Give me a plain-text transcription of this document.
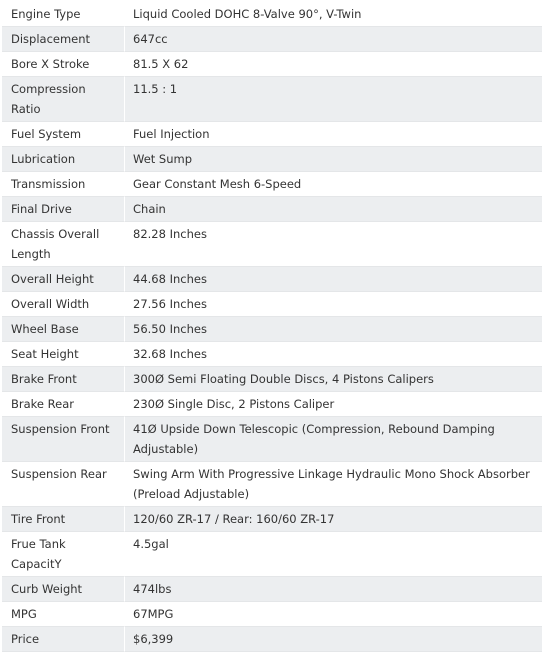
Engine Type	Liquid Cooled DOHC 8-Valve 90°, V-Twin
Displacement	647cc
Bore X Stroke	81.5 X 62
Compression Ratio	11.5 : 1
Fuel System	Fuel Injection
Lubrication	Wet Sump
Transmission	Gear Constant Mesh 6-Speed
Final Drive	Chain
Chassis Overall Length	82.28 Inches
Overall Height	44.68 Inches
Overall Width	27.56 Inches
Wheel Base	56.50 Inches
Seat Height	32.68 Inches
Brake Front	300Ø Semi Floating Double Discs, 4 Pistons Calipers
Brake Rear	230Ø Single Disc, 2 Pistons Caliper
Suspension Front	41Ø Upside Down Telescopic (Compression, Rebound Damping Adjustable)
Suspension Rear	Swing Arm With Progressive Linkage Hydraulic Mono Shock Absorber (Preload Adjustable)
Tire Front	120/60 ZR-17 / Rear: 160/60 ZR-17
Frue Tank CapacitY	4.5gal
Curb Weight	474lbs
MPG	67MPG
Price	$6,399
